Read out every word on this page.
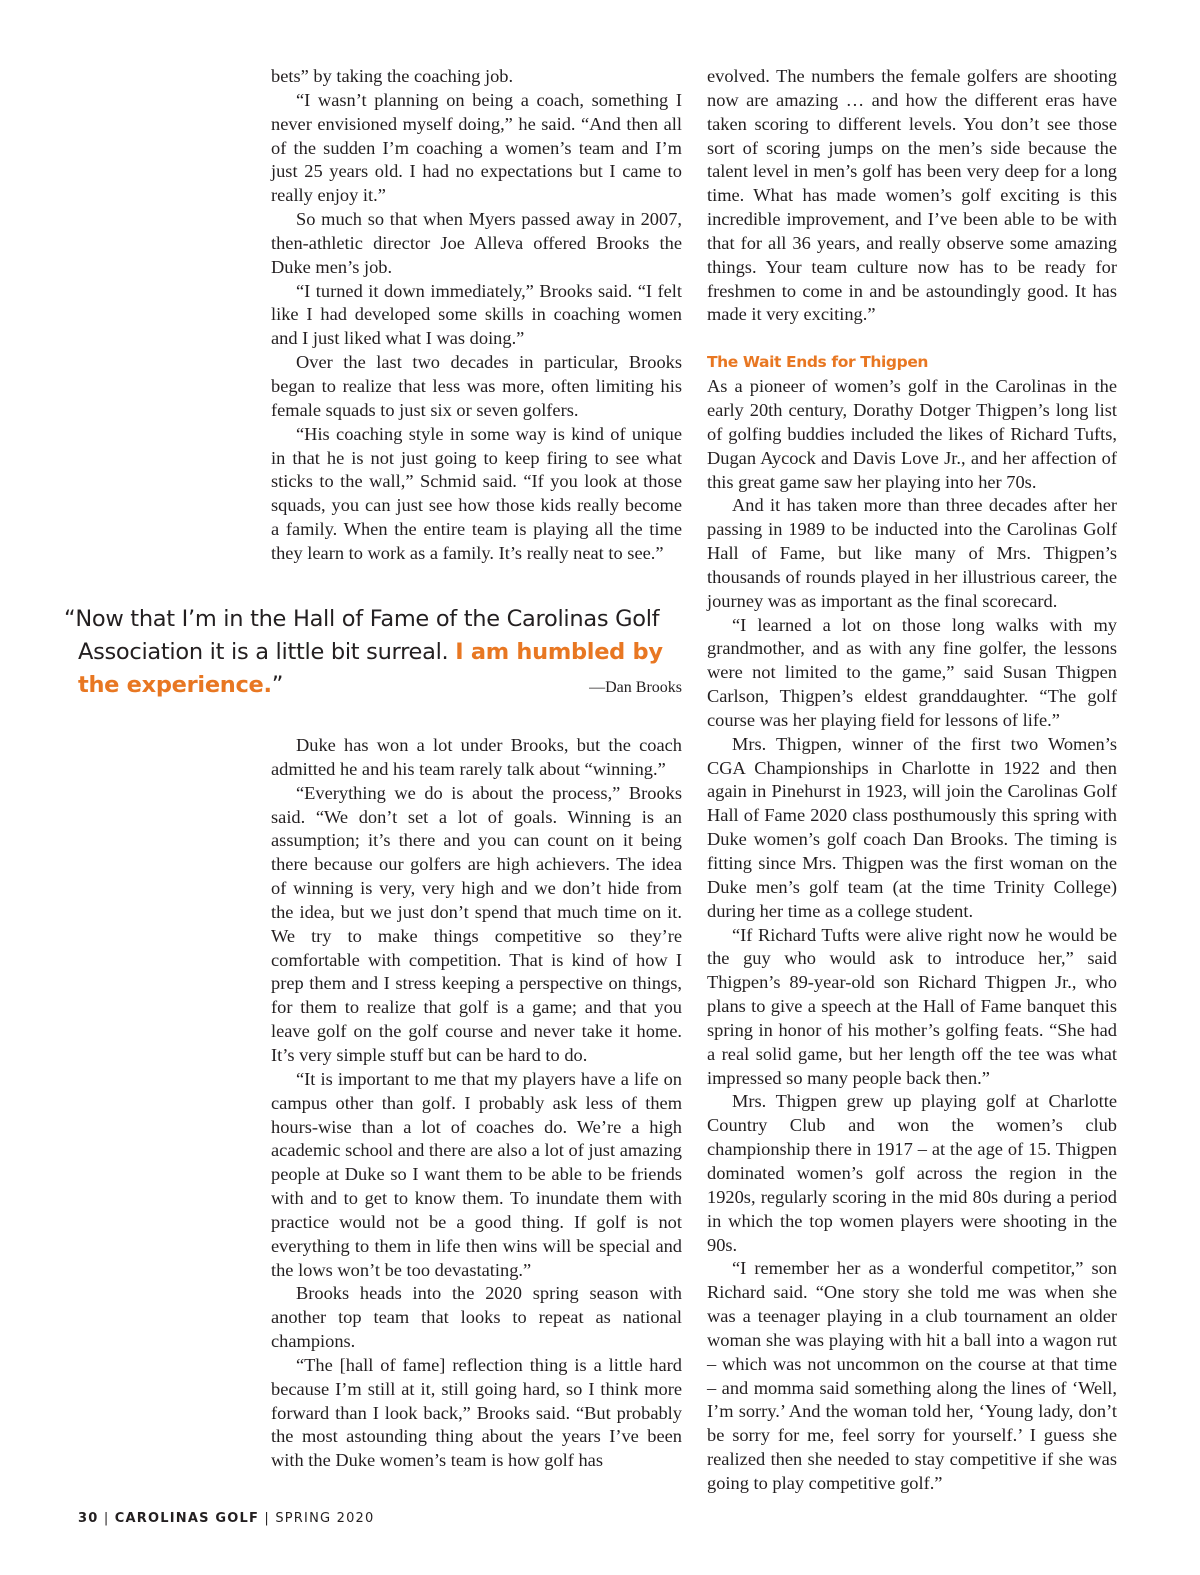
bets” by taking the coaching job.

“I wasn’t planning on being a coach, something I never envisioned myself doing,” he said. “And then all of the sudden I’m coaching a women’s team and I’m just 25 years old. I had no expectations but I came to really enjoy it.”

So much so that when Myers passed away in 2007, then-athletic director Joe Alleva offered Brooks the Duke men’s job.

“I turned it down immediately,” Brooks said. “I felt like I had developed some skills in coaching women and I just liked what I was doing.”

Over the last two decades in particular, Brooks began to realize that less was more, often limiting his female squads to just six or seven golfers.

“His coaching style in some way is kind of unique in that he is not just going to keep firing to see what sticks to the wall,” Schmid said. “If you look at those squads, you can just see how those kids really become a family. When the entire team is playing all the time they learn to work as a family. It’s really neat to see.”

“Now that I’m in the Hall of Fame of the Carolinas Golf
Association it is a little bit surreal. I am humbled by
the experience.”	—Dan Brooks

Duke has won a lot under Brooks, but the coach admitted he and his team rarely talk about “winning.”

“Everything we do is about the process,” Brooks said. “We don’t set a lot of goals. Winning is an assumption; it’s there and you can count on it being there because our golfers are high achievers. The idea of winning is very, very high and we don’t hide from the idea, but we just don’t spend that much time on it. We try to make things competitive so they’re comfortable with competition. That is kind of how I prep them and I stress keeping a perspective on things, for them to realize that golf is a game; and that you leave golf on the golf course and never take it home. It’s very simple stuff but can be hard to do.

“It is important to me that my players have a life on campus other than golf. I probably ask less of them hours-wise than a lot of coaches do. We’re a high academic school and there are also a lot of just amazing people at Duke so I want them to be able to be friends with and to get to know them. To inundate them with practice would not be a good thing. If golf is not everything to them in life then wins will be special and the lows won’t be too devastating.”

Brooks heads into the 2020 spring season with another top team that looks to repeat as national champions.

“The [hall of fame] reflection thing is a little hard because I’m still at it, still going hard, so I think more forward than I look back,” Brooks said. “But probably the most astounding thing about the years I’ve been with the Duke women’s team is how golf has

evolved. The numbers the female golfers are shooting now are amazing … and how the different eras have taken scoring to different levels. You don’t see those sort of scoring jumps on the men’s side because the talent level in men’s golf has been very deep for a long time. What has made women’s golf exciting is this incredible improvement, and I’ve been able to be with that for all 36 years, and really observe some amazing things. Your team culture now has to be ready for freshmen to come in and be astoundingly good. It has made it very exciting.”

The Wait Ends for Thigpen

As a pioneer of women’s golf in the Carolinas in the early 20th century, Dorathy Dotger Thigpen’s long list of golfing buddies included the likes of Richard Tufts, Dugan Aycock and Davis Love Jr., and her affection of this great game saw her playing into her 70s.

And it has taken more than three decades after her passing in 1989 to be inducted into the Carolinas Golf Hall of Fame, but like many of Mrs. Thigpen’s thousands of rounds played in her illustrious career, the journey was as important as the final scorecard.

“I learned a lot on those long walks with my grandmother, and as with any fine golfer, the lessons were not limited to the game,” said Susan Thigpen Carlson, Thigpen’s eldest granddaughter. “The golf course was her playing field for lessons of life.”

Mrs. Thigpen, winner of the first two Women’s CGA Championships in Charlotte in 1922 and then again in Pinehurst in 1923, will join the Carolinas Golf Hall of Fame 2020 class posthumously this spring with Duke women’s golf coach Dan Brooks. The timing is fitting since Mrs. Thigpen was the first woman on the Duke men’s golf team (at the time Trinity College) during her time as a college student.

“If Richard Tufts were alive right now he would be the guy who would ask to introduce her,” said Thigpen’s 89-year-old son Richard Thigpen Jr., who plans to give a speech at the Hall of Fame banquet this spring in honor of his mother’s golfing feats. “She had a real solid game, but her length off the tee was what impressed so many people back then.”

Mrs. Thigpen grew up playing golf at Charlotte Country Club and won the women’s club championship there in 1917 – at the age of 15. Thigpen dominated women’s golf across the region in the 1920s, regularly scoring in the mid 80s during a period in which the top women players were shooting in the 90s.

“I remember her as a wonderful competitor,” son Richard said. “One story she told me was when she was a teenager playing in a club tournament an older woman she was playing with hit a ball into a wagon rut – which was not uncommon on the course at that time – and momma said something along the lines of ‘Well, I’m sorry.’ And the woman told her, ‘Young lady, don’t be sorry for me, feel sorry for yourself.’ I guess she realized then she needed to stay competitive if she was going to play competitive golf.”

30 | CAROLINAS GOLF | SPRING 2020
